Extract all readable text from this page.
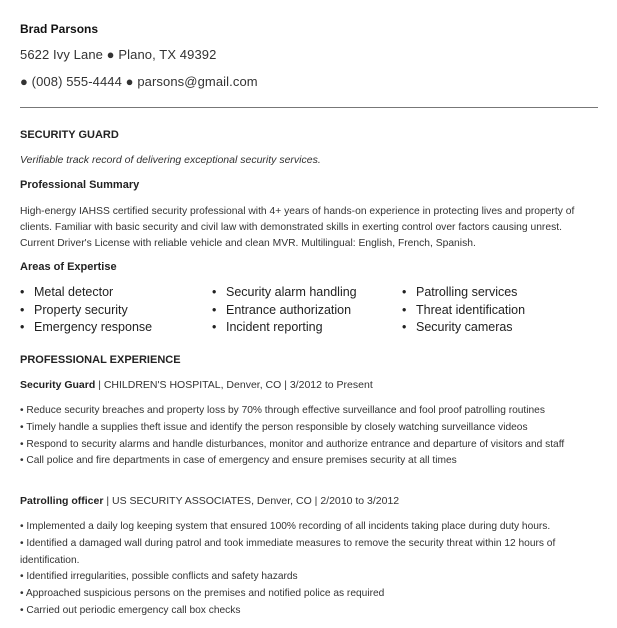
Brad Parsons
5622 Ivy Lane ● Plano, TX 49392
● (008) 555-4444 ● parsons@gmail.com
SECURITY GUARD
Verifiable track record of delivering exceptional security services.
Professional Summary
High-energy IAHSS certified security professional with 4+ years of hands-on experience in protecting lives and property of clients. Familiar with basic security and civil law with demonstrated skills in exerting control over factors causing unrest. Current Driver's License with reliable vehicle and clean MVR. Multilingual: English, French, Spanish.
Areas of Expertise
• Metal detector
• Property security
• Emergency response
• Security alarm handling
• Entrance authorization
• Incident reporting
• Patrolling services
• Threat identification
• Security cameras
PROFESSIONAL EXPERIENCE
Security Guard | CHILDREN'S HOSPITAL, Denver, CO | 3/2012 to Present
• Reduce security breaches and property loss by 70% through effective surveillance and fool proof patrolling routines
• Timely handle a supplies theft issue and identify the person responsible by closely watching surveillance videos
• Respond to security alarms and handle disturbances, monitor and authorize entrance and departure of visitors and staff
• Call police and fire departments in case of emergency and ensure premises security at all times
Patrolling officer | US SECURITY ASSOCIATES, Denver, CO | 2/2010 to 3/2012
• Implemented a daily log keeping system that ensured 100% recording of all incidents taking place during duty hours.
• Identified a damaged wall during patrol and took immediate measures to remove the security threat within 12 hours of identification.
• Identified irregularities, possible conflicts and safety hazards
• Approached suspicious persons on the premises and notified police as required
• Carried out periodic emergency call box checks
